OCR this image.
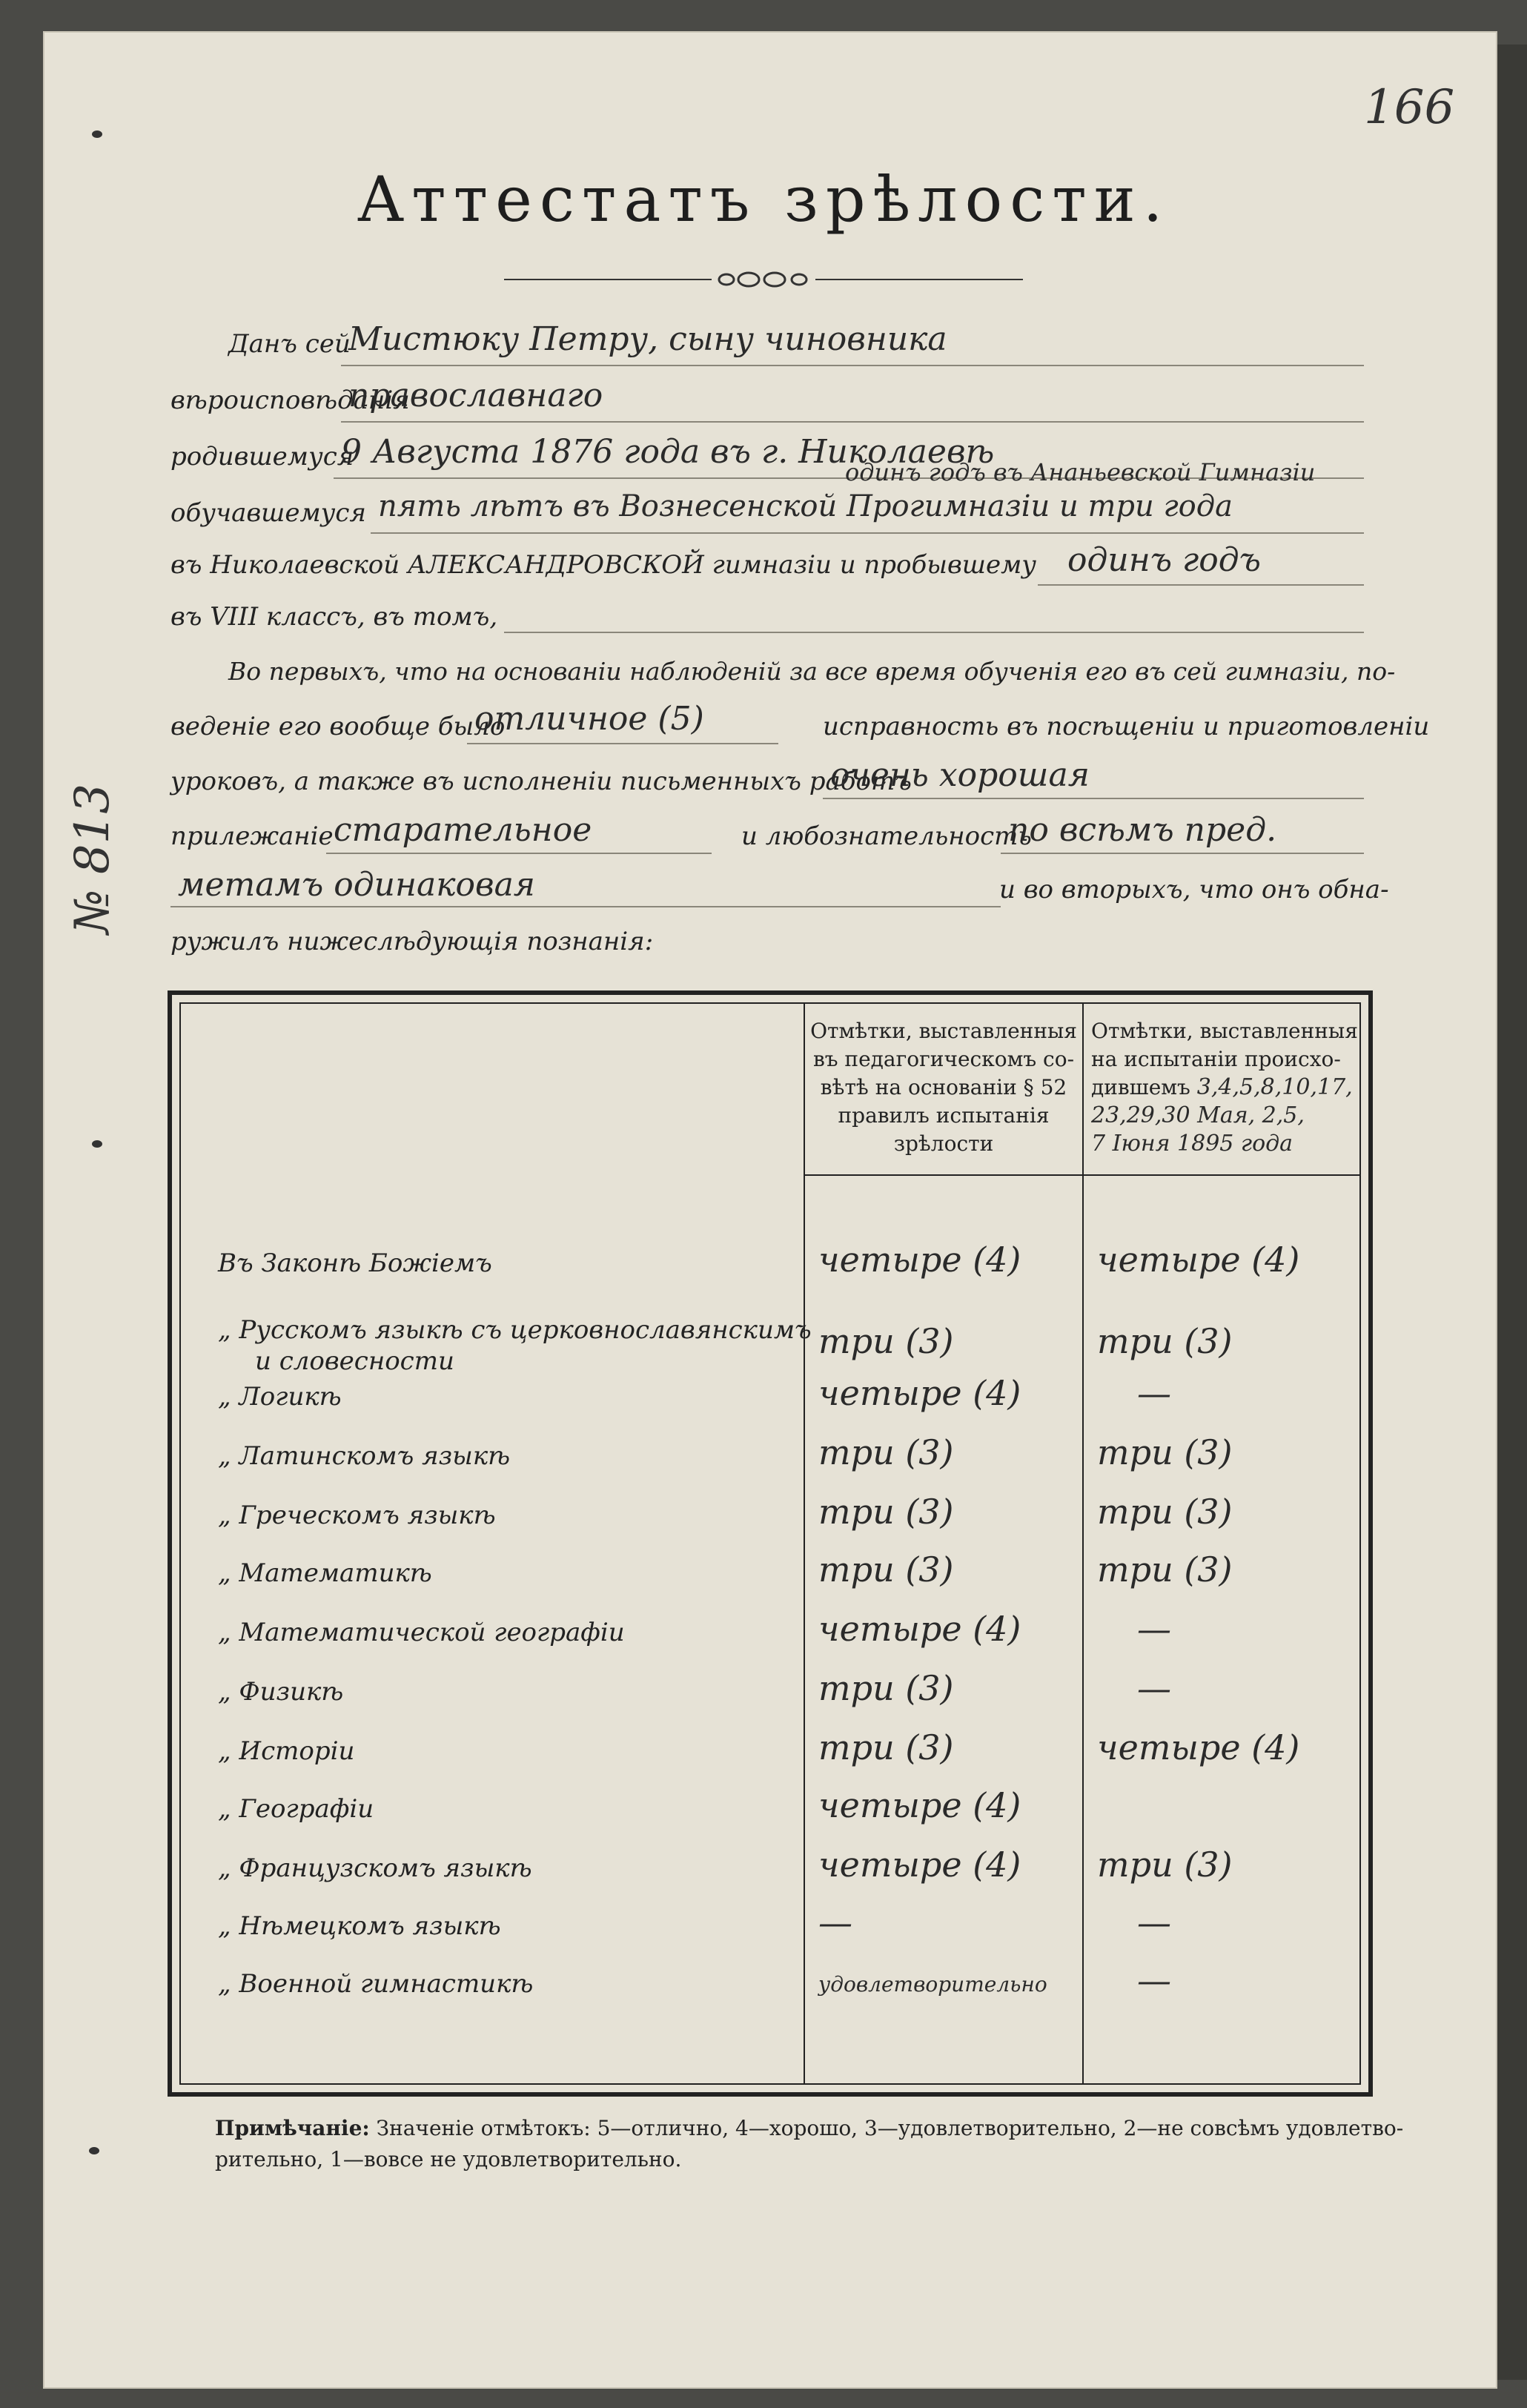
166
Аттестатъ зрѣлости.
№ 813
Данъ сей
Мистюку Петру, сыну чиновника
вѣроисповѣданія
православнаго
родившемуся
9 Августа 1876 года въ г. Николаевѣ
одинъ годъ въ Ананьевской Гимназіи
обучавшемуся пять лѣтъ въ Вознесенской Прогимназіи и три года
въ Николаевской АЛЕКСАНДРОВСКОЙ гимназіи и пробывшему одинъ годъ
въ VIII классъ, въ томъ,
Во первыхъ, что на основаніи наблюденій за все время обученія его въ сей гимназіи, по-
веденіе его вообще было
отличное (5)	исправность въ посѣщеніи и приготовленіи
уроковъ, а также въ исполненіи письменныхъ работъ
очень хорошая
прилежаніе старательное	и любознательность
по всѣмъ пред.
метамъ одинаковая	и во вторыхъ, что онъ обна-
ружилъ нижеслѣдующія познанія:
Отмѣтки, выставленныя
въ педагогическомъ со-
вѣтѣ на основаніи § 52
правилъ испытанія
зрѣлости
Отмѣтки, выставленныя
на испытаніи происхо-
дившемъ 3,4,5,8,10,17,
23,29,30 Мая, 2,5,
7 Іюня 1895 года
Въ Законѣ Божіемъ	четыре (4) четыре (4)
„ Русскомъ языкѣ съ церковнославянскимъ
и словесности	три (3)	три (3)
„ Логикѣ	четыре (4)	—
„ Латинскомъ языкѣ	три (3)	три (3)
„ Греческомъ языкѣ	три (3)	три (3)
„ Математикѣ	три (3)	три (3)
„ Математической географіи	четыре (4)	—
„ Физикѣ	три (3)	—
„ Исторіи	три (3)	четыре (4)
„ Географіи	четыре (4)
„ Французскомъ языкѣ	четыре (4) три (3)
„ Нѣмецкомъ языкѣ	—	—
„ Военной гимнастикѣ	удовлетворительно	—
Примѣчаніе: Значеніе отмѣтокъ: 5—отлично, 4—хорошо, 3—удовлетворительно, 2—не совсѣмъ удовлетво-
рительно, 1—вовсе не удовлетворительно.
